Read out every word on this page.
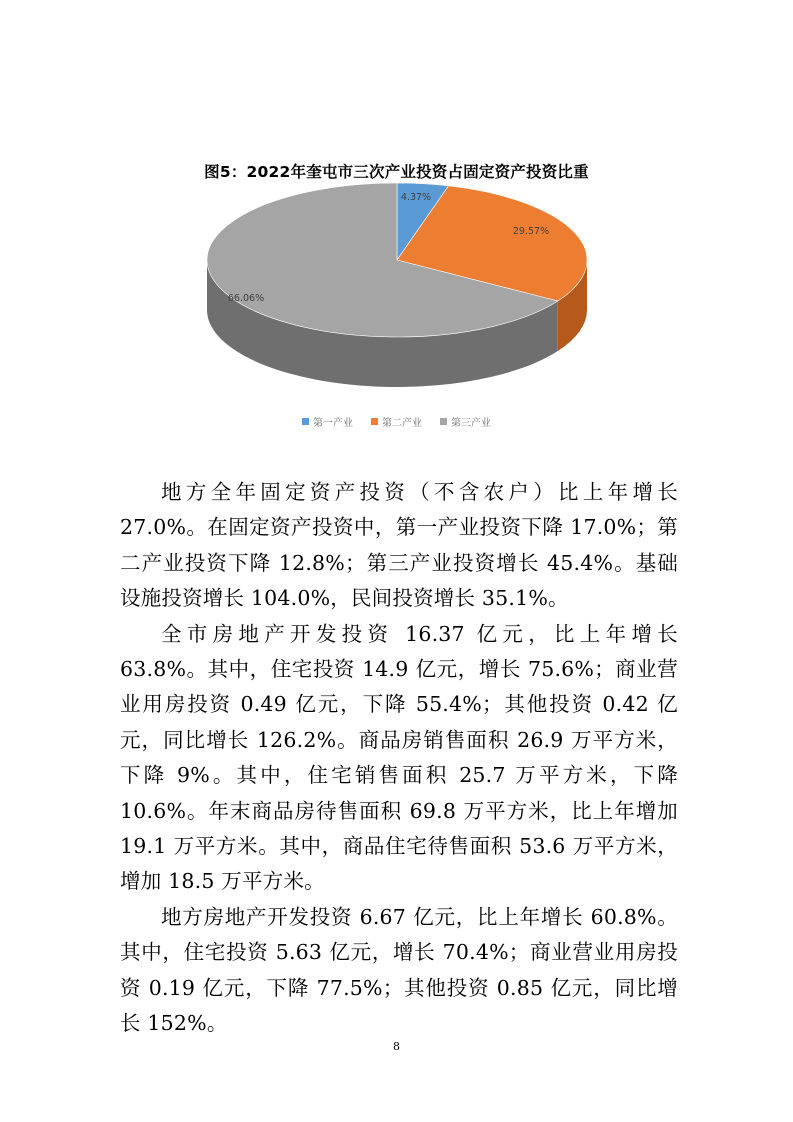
图5：2022年奎屯市三次产业投资占固定资产投资比重
4.37%
29.57%
66.06%
第一产业	第二产业	第三产业

地方全年固定资产投资（不含农户）比上年增长 27.0%。在固定资产投资中，第一产业投资下降 17.0%；第二产业投资下降 12.8%；第三产业投资增长 45.4%。基础设施投资增长 104.0%，民间投资增长 35.1%。

全市房地产开发投资 16.37 亿元，比上年增长 63.8%。其中，住宅投资 14.9 亿元，增长 75.6%；商业营业用房投资 0.49 亿元，下降 55.4%；其他投资 0.42 亿元，同比增长 126.2%。商品房销售面积 26.9 万平方米，下降 9%。其中，住宅销售面积 25.7 万平方米，下降 10.6%。年末商品房待售面积 69.8 万平方米，比上年增加 19.1 万平方米。其中，商品住宅待售面积 53.6 万平方米，增加 18.5 万平方米。

地方房地产开发投资 6.67 亿元，比上年增长 60.8%。其中，住宅投资 5.63 亿元，增长 70.4%；商业营业用房投资 0.19 亿元，下降 77.5%；其他投资 0.85 亿元，同比增长 152%。

8
